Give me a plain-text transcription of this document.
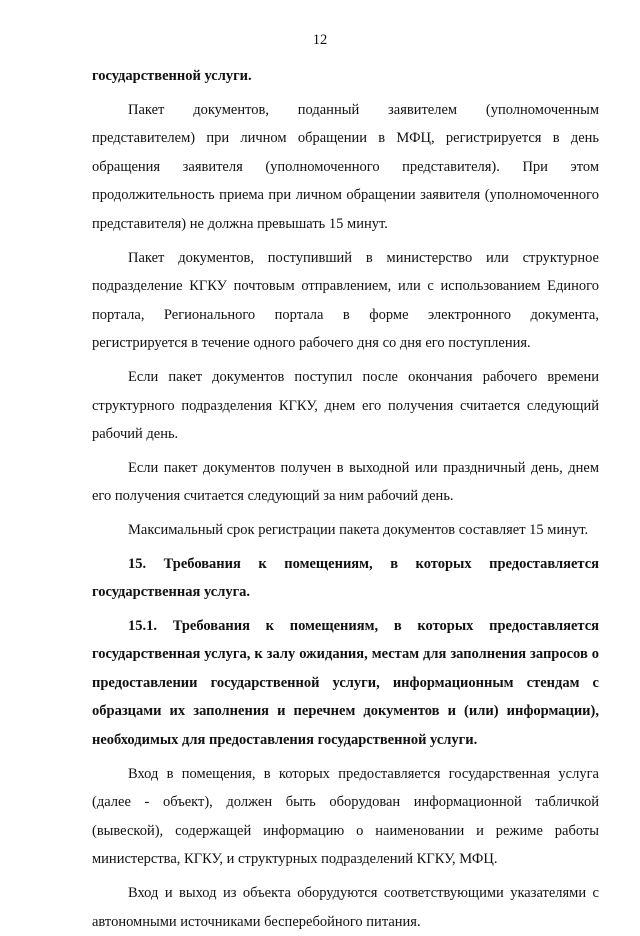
12

государственной услуги.

Пакет документов, поданный заявителем (уполномоченным представителем) при личном обращении в МФЦ, регистрируется в день обращения заявителя (уполномоченного представителя). При этом продолжительность приема при личном обращении заявителя (уполномоченного представителя) не должна превышать 15 минут.

Пакет документов, поступивший в министерство или структурное подразделение КГКУ почтовым отправлением, или с использованием Единого портала, Регионального портала в форме электронного документа, регистрируется в течение одного рабочего дня со дня его поступления.

Если пакет документов поступил после окончания рабочего времени структурного подразделения КГКУ, днем его получения считается следующий рабочий день.

Если пакет документов получен в выходной или праздничный день, днем его получения считается следующий за ним рабочий день.

Максимальный срок регистрации пакета документов составляет 15 минут.

15. Требования к помещениям, в которых предоставляется государственная услуга.

15.1. Требования к помещениям, в которых предоставляется государственная услуга, к залу ожидания, местам для заполнения запросов о предоставлении государственной услуги, информационным стендам с образцами их заполнения и перечнем документов и (или) информации), необходимых для предоставления государственной услуги.

Вход в помещения, в которых предоставляется государственная услуга (далее - объект), должен быть оборудован информационной табличкой (вывеской), содержащей информацию о наименовании и режиме работы министерства, КГКУ, и структурных подразделений КГКУ, МФЦ.

Вход и выход из объекта оборудуются соответствующими указателями с автономными источниками бесперебойного питания.
